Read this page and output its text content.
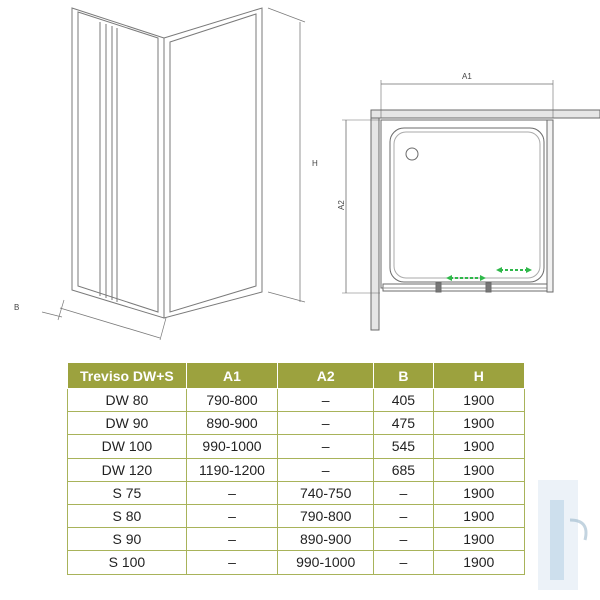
H
B
A1
A2
Treviso DW+S	A1	A2	B	H
DW 80	790-800	–	405	1900
DW 90	890-900	–	475	1900
DW 100	990-1000	–	545	1900
DW 120	1190-1200	–	685	1900
S 75	–	740-750	–	1900
S 80	–	790-800	–	1900
S 90	–	890-900	–	1900
S 100	–	990-1000	–	1900
